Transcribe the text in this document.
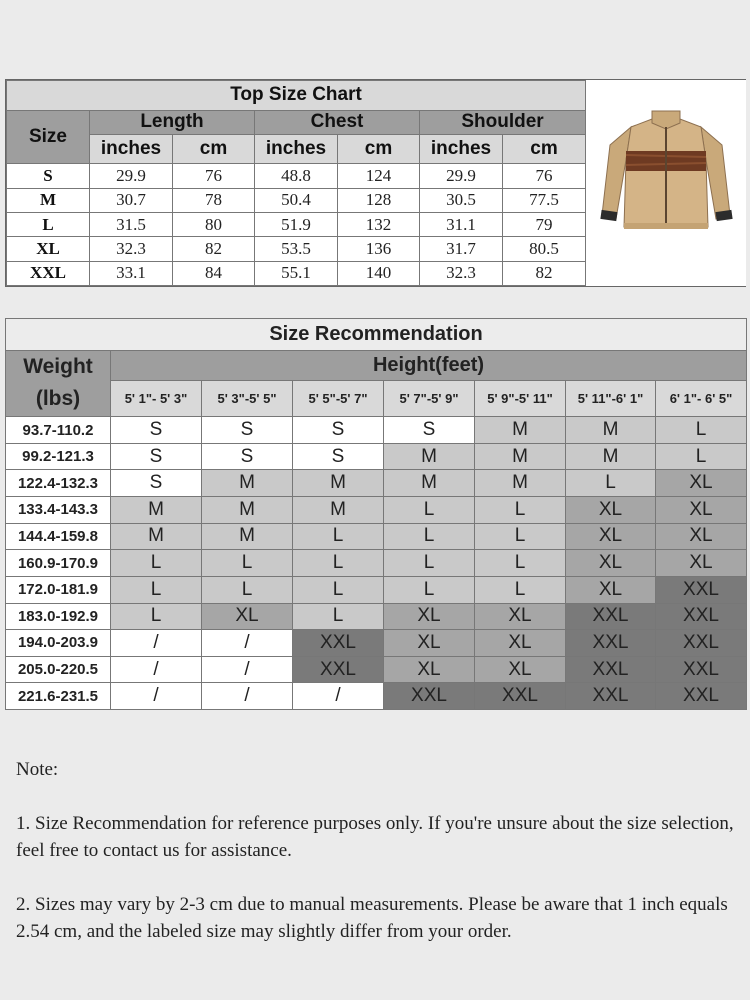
Top Size Chart						
Size	Length		Chest		Shoulder	
	inches	cm	inches	cm	inches	cm
S	29.9	76	48.8	124	29.9	76
M	30.7	78	50.4	128	30.5	77.5
L	31.5	80	51.9	132	31.1	79
XL	32.3	82	53.5	136	31.7	80.5
XXL	33.1	84	55.1	140	32.3	82
Size Recommendation							
Weight
(lbs)	Height(feet)						
	5' 1"- 5' 3"	5' 3"-5' 5"	5' 5"-5' 7"	5' 7"-5' 9"	5' 9"-5' 11"	5' 11"-6' 1"	6' 1"- 6' 5"
93.7-110.2	S	S	S	S	M	M	L
99.2-121.3	S	S	S	M	M	M	L
122.4-132.3	S	M	M	M	M	L	XL
133.4-143.3	M	M	M	L	L	XL	XL
144.4-159.8	M	M	L	L	L	XL	XL
160.9-170.9	L	L	L	L	L	XL	XL
172.0-181.9	L	L	L	L	L	XL	XXL
183.0-192.9	L	XL	L	XL	XL	XXL	XXL
194.0-203.9	/	/	XXL	XL	XL	XXL	XXL
205.0-220.5	/	/	XXL	XL	XL	XXL	XXL
221.6-231.5	/	/	/	XXL	XXL	XXL	XXL

Note:

1. Size Recommendation for reference purposes only. If you're unsure about the size selection, feel free to contact us for assistance.

2. Sizes may vary by 2-3 cm due to manual measurements. Please be aware that 1 inch equals 2.54 cm, and the labeled size may slightly differ from your order.
